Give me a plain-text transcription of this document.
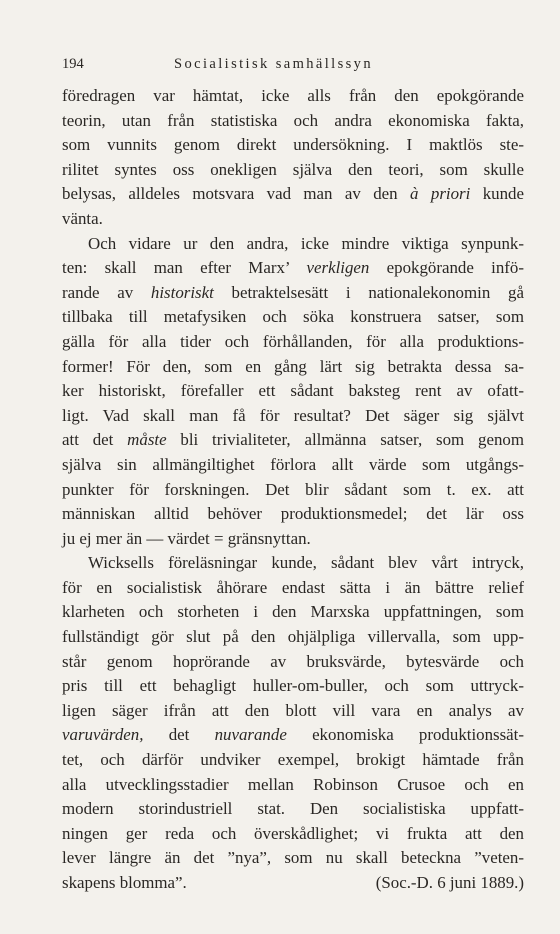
194	Socialistisk samhällssyn
föredragen var hämtat, icke alls från den epokgörande
teorin, utan från statistiska och andra ekonomiska fakta,
som vunnits genom direkt undersökning. I maktlös ste-
rilitet syntes oss onekligen själva den teori, som skulle
belysas, alldeles motsvara vad man av den à priori kunde
vänta.
Och vidare ur den andra, icke mindre viktiga synpunk-
ten: skall man efter Marx’ verkligen epokgörande infö-
rande av historiskt betraktelsesätt i nationalekonomin gå
tillbaka till metafysiken och söka konstruera satser, som
gälla för alla tider och förhållanden, för alla produktions-
former! För den, som en gång lärt sig betrakta dessa sa-
ker historiskt, förefaller ett sådant baksteg rent av ofatt-
ligt. Vad skall man få för resultat? Det säger sig självt
att det måste bli trivialiteter, allmänna satser, som genom
själva sin allmängiltighet förlora allt värde som utgångs-
punkter för forskningen. Det blir sådant som t. ex. att
människan alltid behöver produktionsmedel; det lär oss
ju ej mer än — värdet = gränsnyttan.
Wicksells föreläsningar kunde, sådant blev vårt intryck,
för en socialistisk åhörare endast sätta i än bättre relief
klarheten och storheten i den Marxska uppfattningen, som
fullständigt gör slut på den ohjälpliga villervalla, som upp-
står genom hoprörande av bruksvärde, bytesvärde och
pris till ett behagligt huller-om-buller, och som uttryck-
ligen säger ifrån att den blott vill vara en analys av
varuvärden, det nuvarande ekonomiska produktionssät-
tet, och därför undviker exempel, brokigt hämtade från
alla utvecklingsstadier mellan Robinson Crusoe och en
modern storindustriell stat. Den socialistiska uppfatt-
ningen ger reda och överskådlighet; vi frukta att den
lever längre än det ”nya”, som nu skall beteckna ”veten-
skapens blomma”.	(Soc.-D. 6 juni 1889.)
